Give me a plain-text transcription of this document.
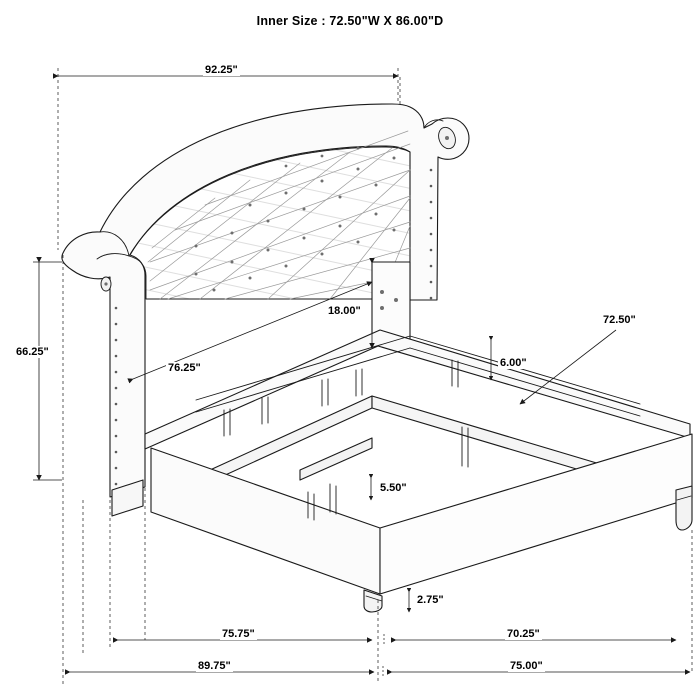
Inner Size : 72.50"W X 86.00"D
92.25"
66.25"
76.25"
18.00"
6.00"
72.50"
5.50"
2.75"
75.75"	70.25"
89.75"	75.00"
